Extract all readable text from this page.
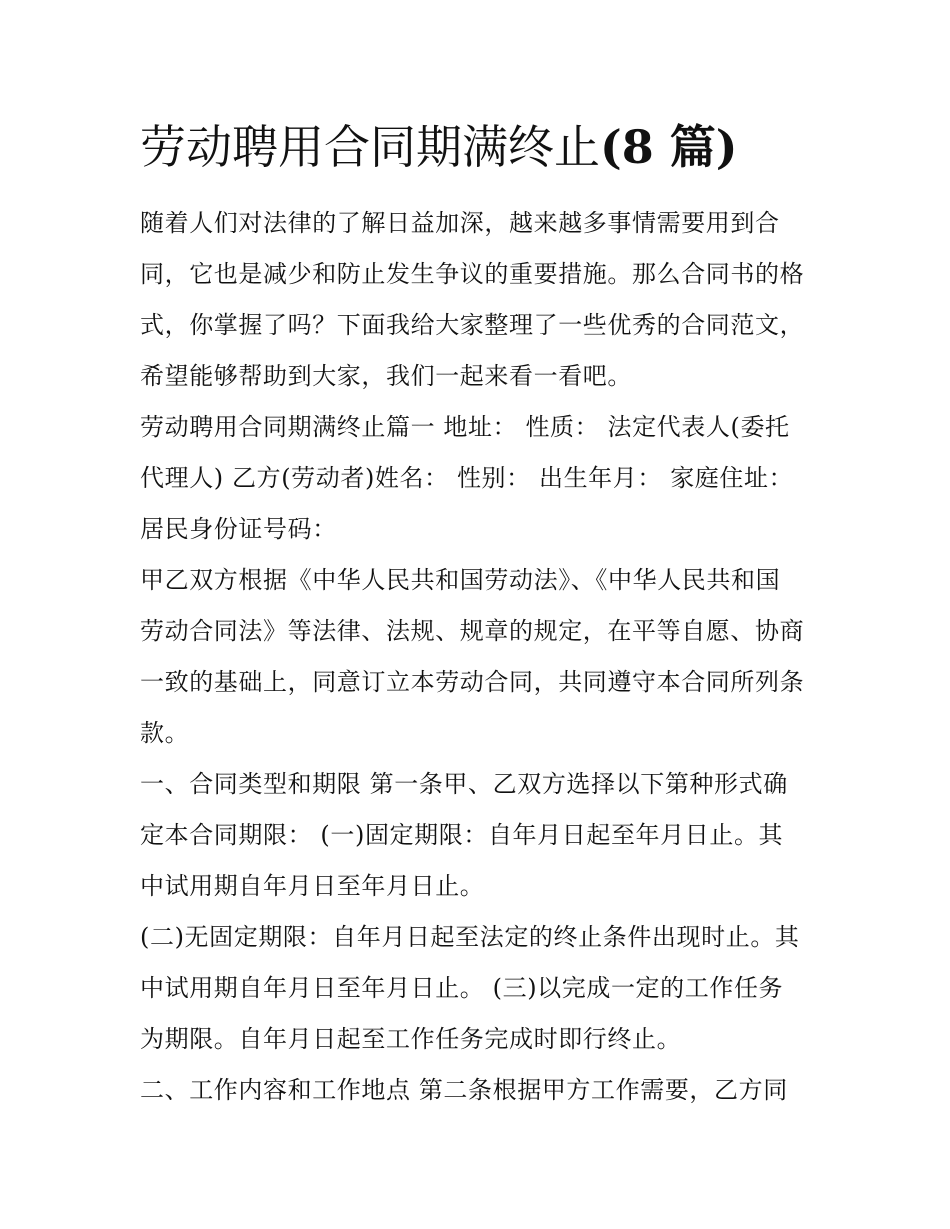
劳动聘用合同期满终止(8 篇)
随着人们对法律的了解日益加深，越来越多事情需要用到合
同，它也是减少和防止发生争议的重要措施。那么合同书的格
式，你掌握了吗？下面我给大家整理了一些优秀的合同范文，
希望能够帮助到大家，我们一起来看一看吧。
劳动聘用合同期满终止篇一 地址： 性质： 法定代表人(委托
代理人) 乙方(劳动者)姓名： 性别： 出生年月： 家庭住址：
居民身份证号码：
甲乙双方根据《中华人民共和国劳动法》、《中华人民共和国
劳动合同法》等法律、法规、规章的规定，在平等自愿、协商
一致的基础上，同意订立本劳动合同，共同遵守本合同所列条
款。
一、合同类型和期限 第一条甲、乙双方选择以下第种形式确
定本合同期限： (一)固定期限：自年月日起至年月日止。其
中试用期自年月日至年月日止。
(二)无固定期限：自年月日起至法定的终止条件出现时止。其
中试用期自年月日至年月日止。 (三)以完成一定的工作任务
为期限。自年月日起至工作任务完成时即行终止。
二、工作内容和工作地点 第二条根据甲方工作需要，乙方同
